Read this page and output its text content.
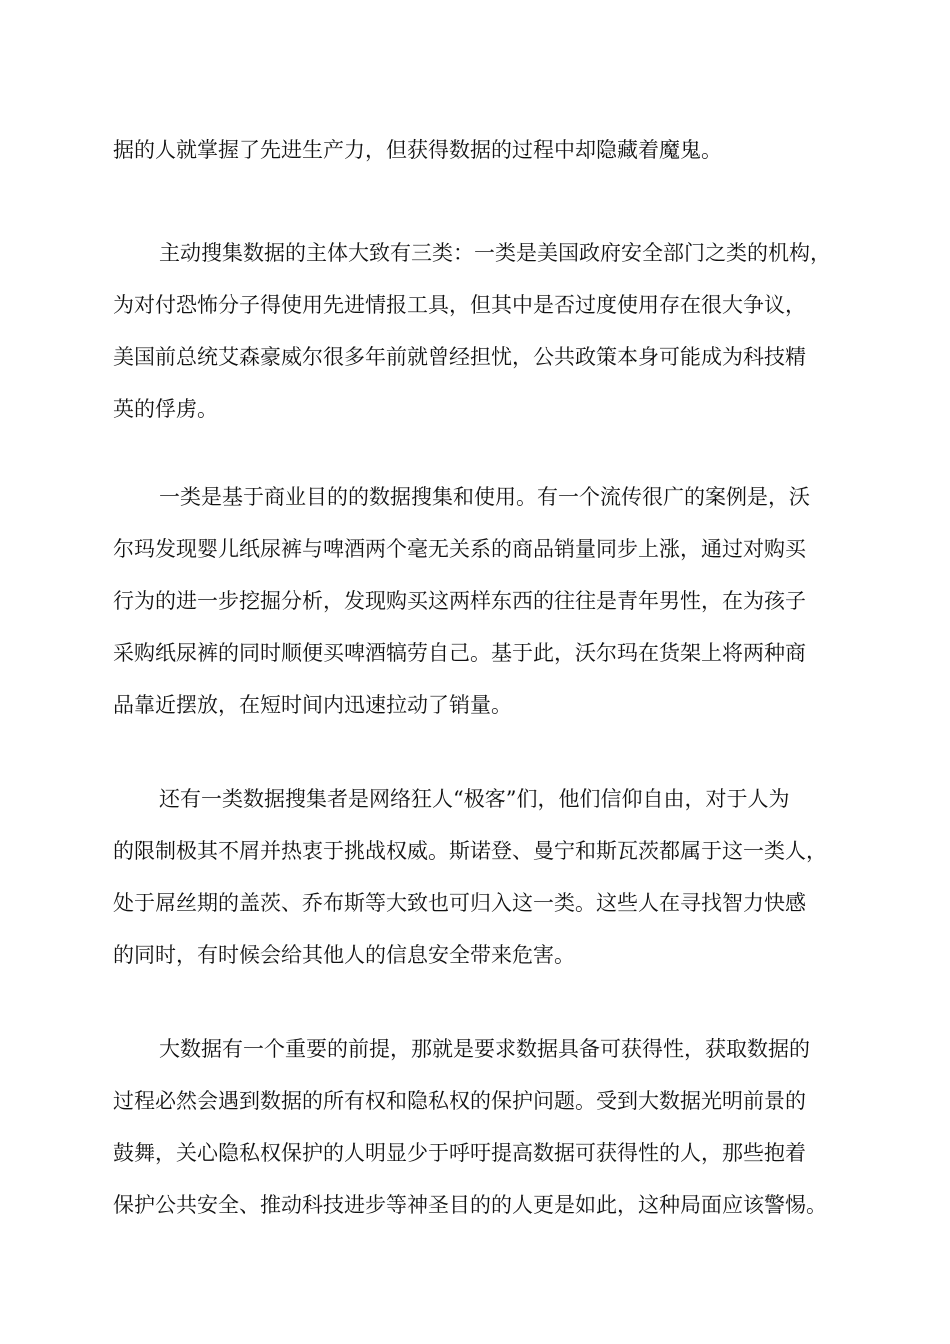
据的人就掌握了先进生产力，但获得数据的过程中却隐藏着魔鬼。
主动搜集数据的主体大致有三类：一类是美国政府安全部门之类的机构，
为对付恐怖分子得使用先进情报工具，但其中是否过度使用存在很大争议，
美国前总统艾森豪威尔很多年前就曾经担忧，公共政策本身可能成为科技精
英的俘虏。
一类是基于商业目的的数据搜集和使用。有一个流传很广的案例是，沃
尔玛发现婴儿纸尿裤与啤酒两个毫无关系的商品销量同步上涨，通过对购买
行为的进一步挖掘分析，发现购买这两样东西的往往是青年男性，在为孩子
采购纸尿裤的同时顺便买啤酒犒劳自己。基于此，沃尔玛在货架上将两种商
品靠近摆放，在短时间内迅速拉动了销量。
还有一类数据搜集者是网络狂人“极客”们，他们信仰自由，对于人为
的限制极其不屑并热衷于挑战权威。斯诺登、曼宁和斯瓦茨都属于这一类人，
处于屌丝期的盖茨、乔布斯等大致也可归入这一类。这些人在寻找智力快感
的同时，有时候会给其他人的信息安全带来危害。
大数据有一个重要的前提，那就是要求数据具备可获得性，获取数据的
过程必然会遇到数据的所有权和隐私权的保护问题。受到大数据光明前景的
鼓舞，关心隐私权保护的人明显少于呼吁提高数据可获得性的人，那些抱着
保护公共安全、推动科技进步等神圣目的的人更是如此，这种局面应该警惕。
